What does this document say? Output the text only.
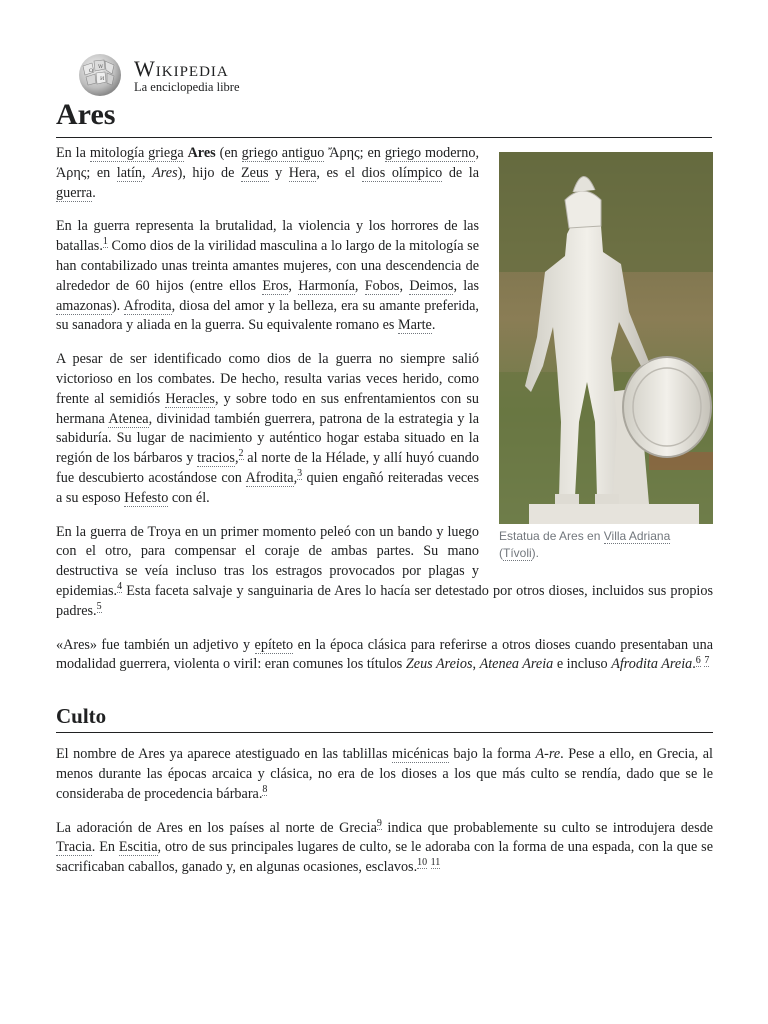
Ω
W
И Wikipedia
La enciclopedia libre
Ares
Estatua de Ares en Villa Adriana
(Tívoli).

En la mitología griega Ares (en griego antiguo Ἄρης; en griego moderno, Άρης; en latín, Ares), hijo de Zeus y Hera, es el dios olímpico de la guerra.

En la guerra representa la brutalidad, la violencia y los horrores de las batallas.$^1$ Como dios de la virilidad masculina a lo largo de la mitología se han contabilizado unas treinta amantes mujeres, con una descendencia de alrededor de 60 hijos (entre ellos Eros, Harmonía, Fobos, Deimos, las amazonas). Afrodita, diosa del amor y la belleza, era su amante preferida, su sanadora y aliada en la guerra. Su equivalente romano es Marte.

A pesar de ser identificado como dios de la guerra no siempre salió victorioso en los combates. De hecho, resulta varias veces herido, como frente al semidiós Heracles, y sobre todo en sus enfrentamientos con su hermana Atenea, divinidad también guerrera, patrona de la estrategia y la sabiduría. Su lugar de nacimiento y auténtico hogar estaba situado en la región de los bárbaros y tracios,$^2$ al norte de la Hélade, y allí huyó cuando fue descubierto acostándose con Afrodita,$^3$ quien engañó reiteradas veces a su esposo Hefesto con él.

En la guerra de Troya en un primer momento peleó con un bando y luego con el otro, para compensar el coraje de ambas partes. Su mano destructiva se veía incluso tras los estragos provocados por plagas y epidemias.$^4$ Esta faceta salvaje y sanguinaria de Ares lo hacía ser detestado por otros dioses, incluidos sus propios padres.$^5$

«Ares» fue también un adjetivo y epíteto en la época clásica para referirse a otros dioses cuando presentaban una modalidad guerrera, violenta o viril: eran comunes los títulos Zeus Areios, Atenea Areia e incluso Afrodita Areia.$^6$ $^7$

Culto

El nombre de Ares ya aparece atestiguado en las tablillas micénicas bajo la forma A-re. Pese a ello, en Grecia, al menos durante las épocas arcaica y clásica, no era de los dioses a los que más culto se rendía, dado que se le consideraba de procedencia bárbara.$^8$

La adoración de Ares en los países al norte de Grecia$^9$ indica que probablemente su culto se introdujera desde Tracia. En Escitia, otro de sus principales lugares de culto, se le adoraba con la forma de una espada, con la que se sacrificaban caballos, ganado y, en algunas ocasiones, esclavos.$^{10}$ $^{11}$
